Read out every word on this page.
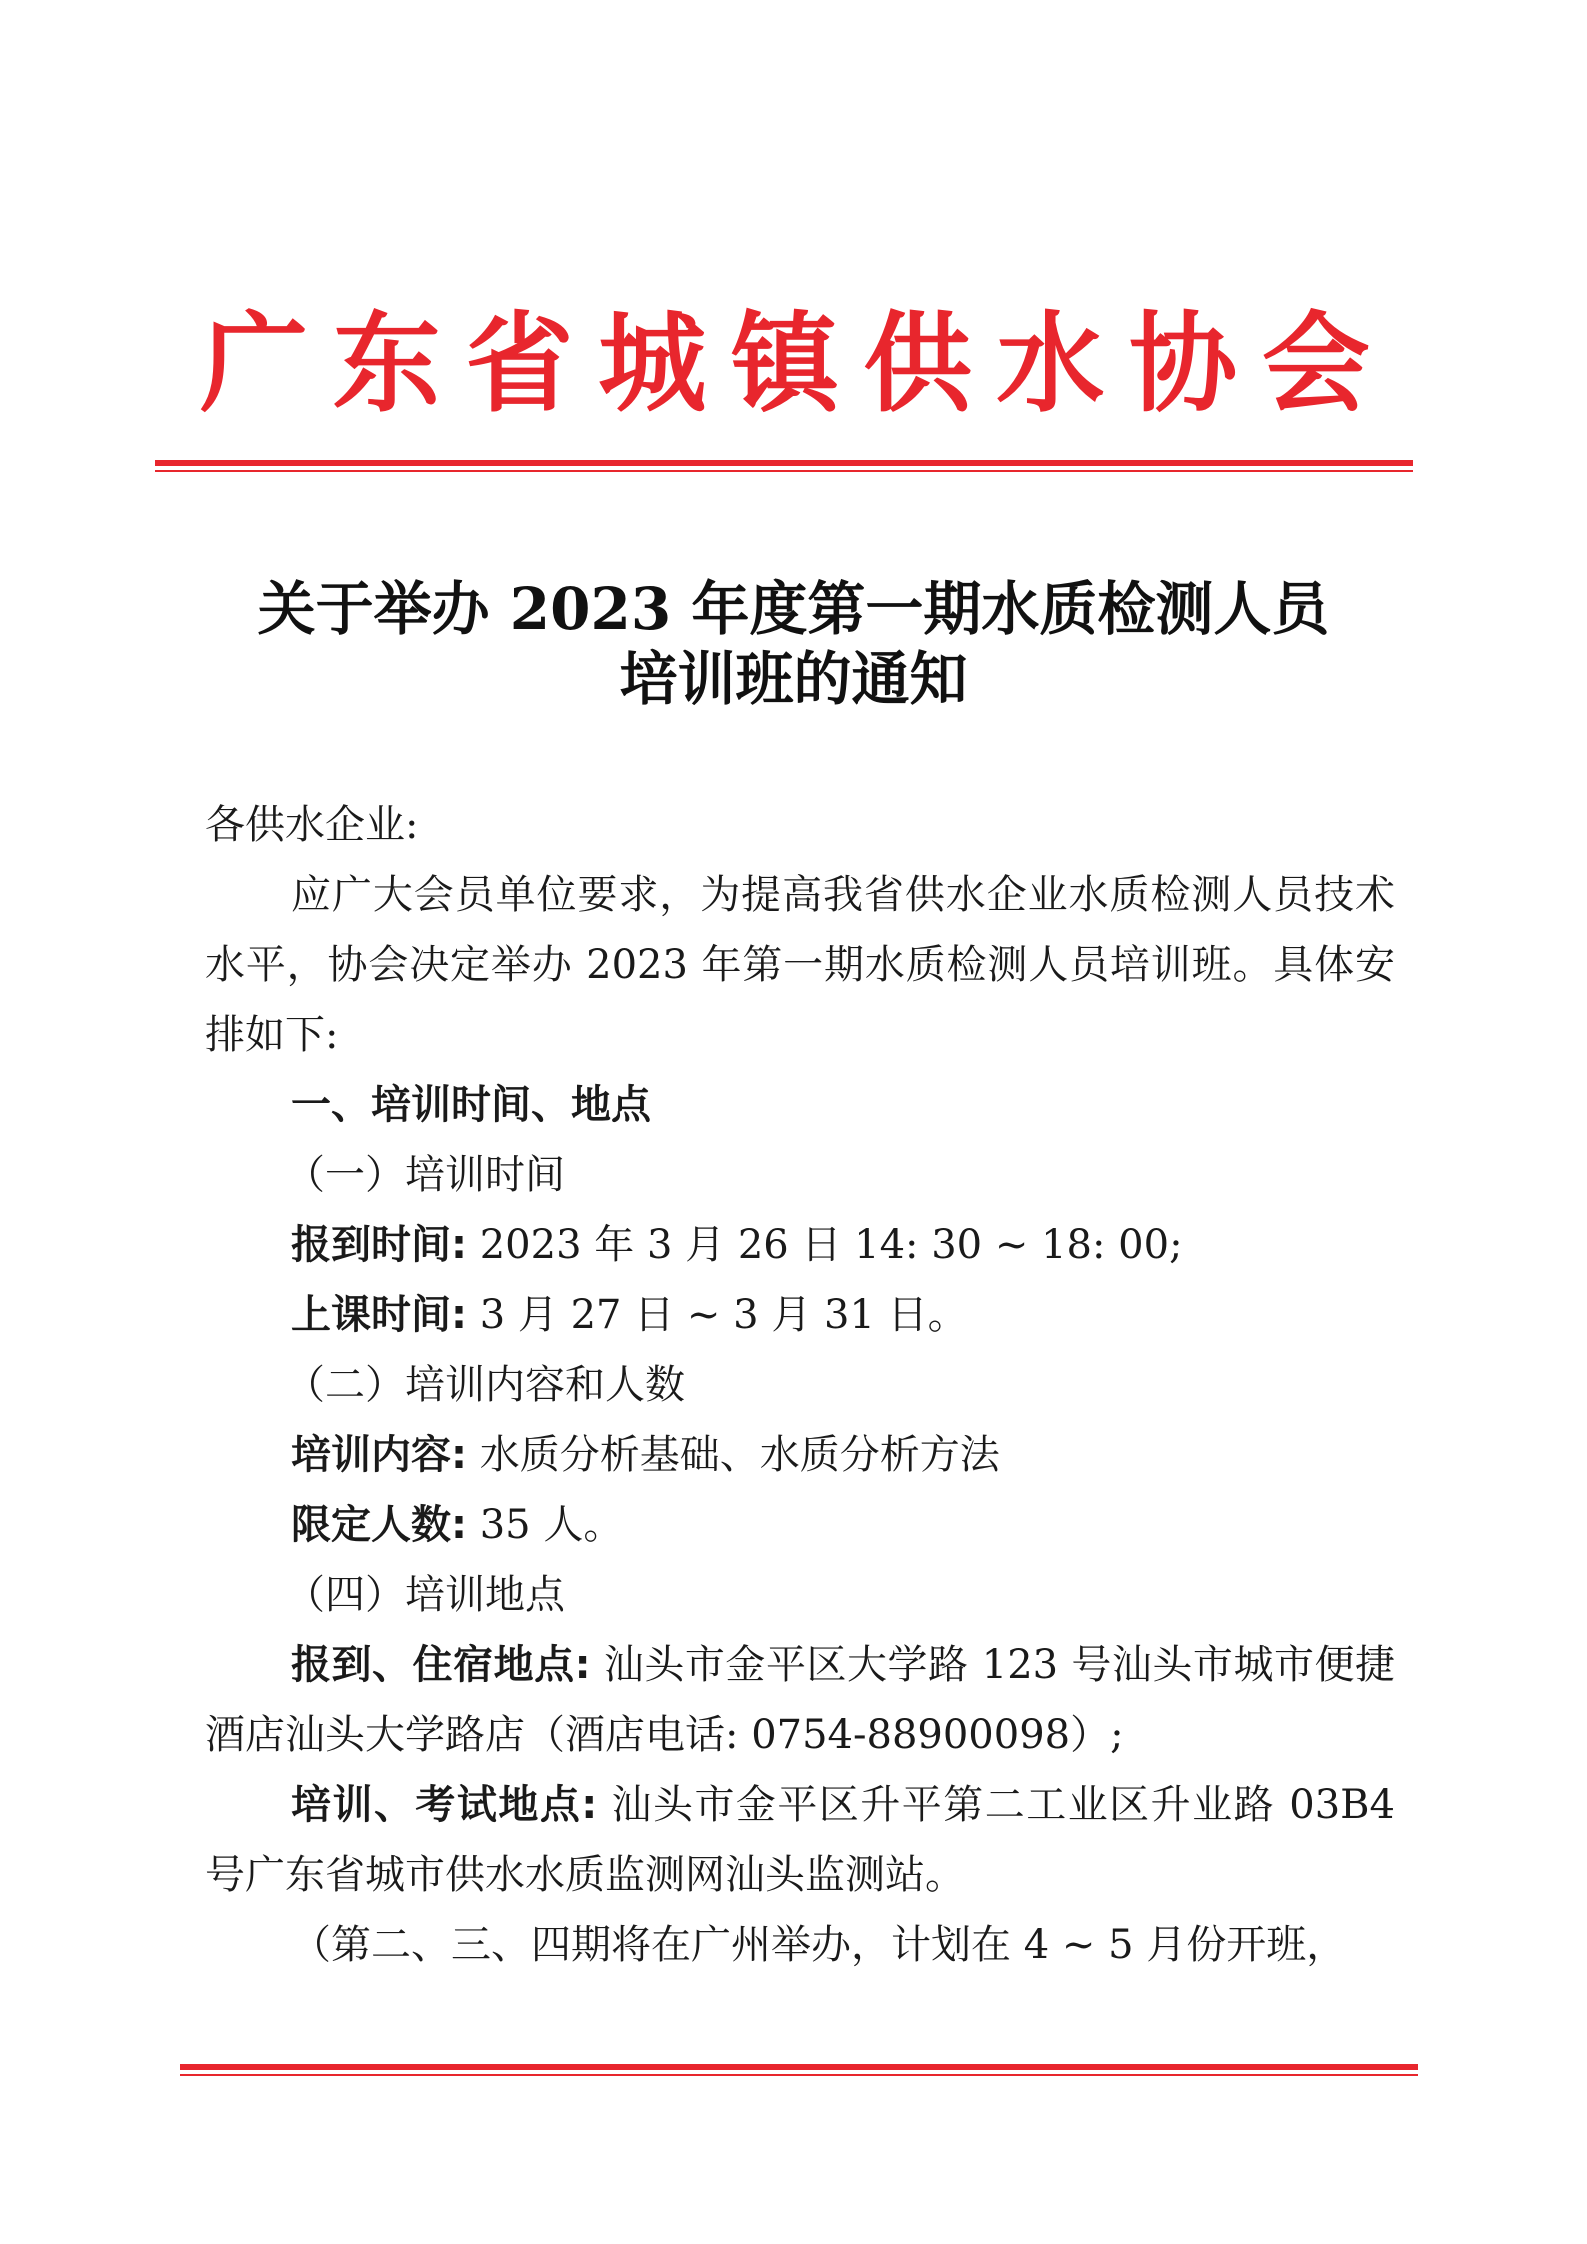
广 东 省 城 镇 供 水 协 会
关于举办 2023 年度第一期水质检测人员
培训班的通知

各供水企业:

应广大会员单位要求，为提高我省供水企业水质检测人员技术水平，协会决定举办 2023 年第一期水质检测人员培训班。具体安排如下:

一、培训时间、地点

（一）培训时间

报到时间: 2023 年 3 月 26 日 14: 30 ~ 18: 00;

上课时间: 3 月 27 日 ~ 3 月 31 日。

（二）培训内容和人数

培训内容: 水质分析基础、水质分析方法

限定人数: 35 人。

（四）培训地点

报到、住宿地点: 汕头市金平区大学路 123 号汕头市城市便捷酒店汕头大学路店（酒店电话: 0754-88900098）;

培训、考试地点: 汕头市金平区升平第二工业区升业路 03B4 号广东省城市供水水质监测网汕头监测站。

（第二、三、四期将在广州举办，计划在 4 ~ 5 月份开班，
